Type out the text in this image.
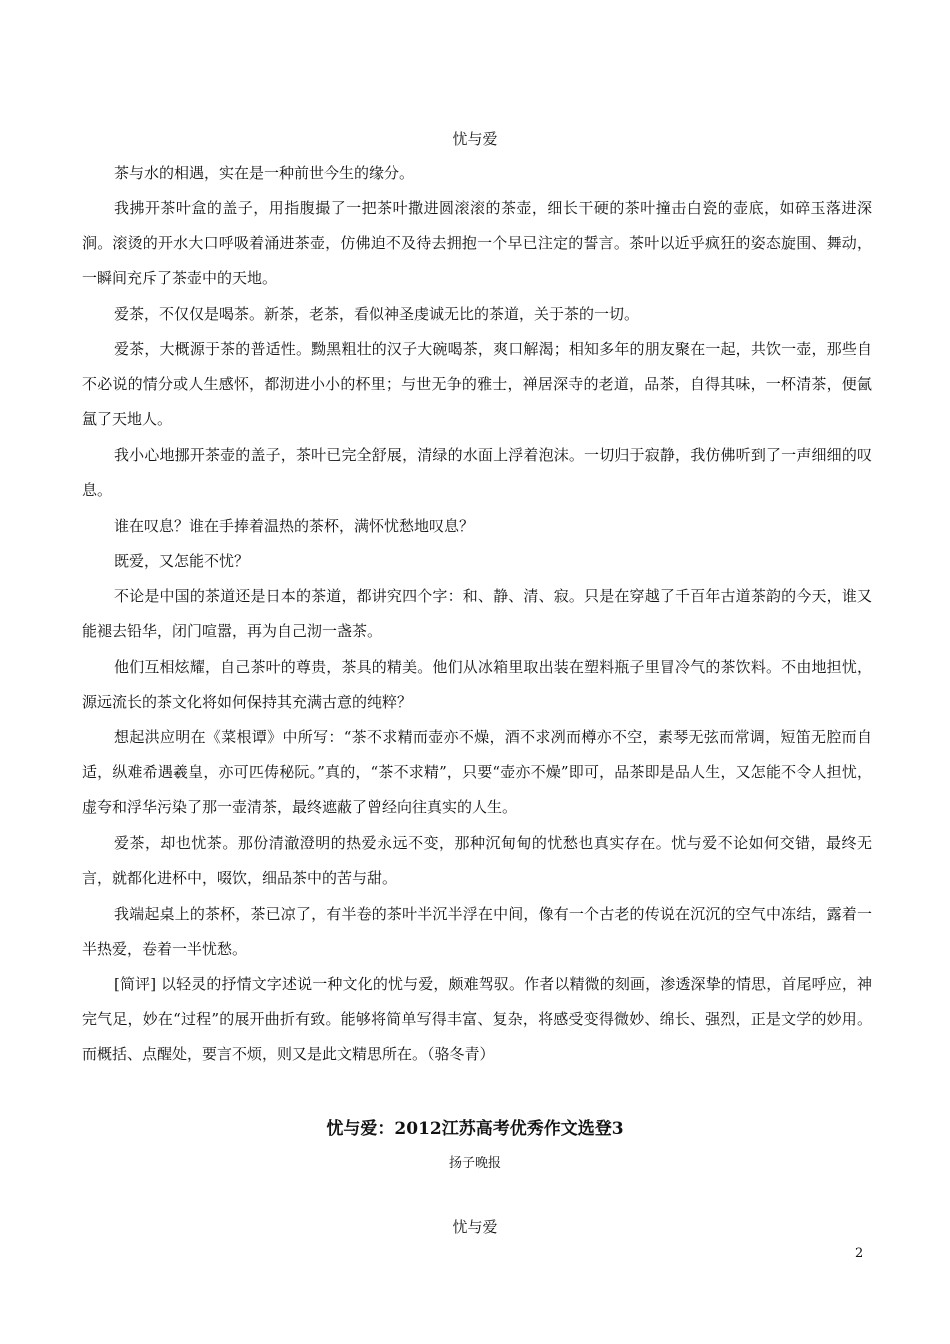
忧与爱
茶与水的相遇，实在是一种前世今生的缘分。
我拂开茶叶盒的盖子，用指腹撮了一把茶叶撒进圆滚滚的茶壶，细长干硬的茶叶撞击白瓷的壶底，如碎玉落进深涧。滚烫的开水大口呼吸着涌进茶壶，仿佛迫不及待去拥抱一个早已注定的誓言。茶叶以近乎疯狂的姿态旋围、舞动，一瞬间充斥了茶壶中的天地。
爱茶，不仅仅是喝茶。新茶，老茶，看似神圣虔诚无比的茶道，关于茶的一切。
爱茶，大概源于茶的普适性。黝黑粗壮的汉子大碗喝茶，爽口解渴；相知多年的朋友聚在一起，共饮一壶，那些自不必说的情分或人生感怀，都沏进小小的杯里；与世无争的雅士，禅居深寺的老道，品茶，自得其味，一杯清茶，便氤氲了天地人。
我小心地挪开茶壶的盖子，茶叶已完全舒展，清绿的水面上浮着泡沫。一切归于寂静，我仿佛听到了一声细细的叹息。
谁在叹息？谁在手捧着温热的茶杯，满怀忧愁地叹息？
既爱，又怎能不忧？
不论是中国的茶道还是日本的茶道，都讲究四个字：和、静、清、寂。只是在穿越了千百年古道茶韵的今天，谁又能褪去铅华，闭门喧嚣，再为自己沏一盏茶。
他们互相炫耀，自己茶叶的尊贵，茶具的精美。他们从冰箱里取出装在塑料瓶子里冒冷气的茶饮料。不由地担忧，源远流长的茶文化将如何保持其充满古意的纯粹？
想起洪应明在《菜根谭》中所写：“茶不求精而壶亦不燥，酒不求冽而樽亦不空，素琴无弦而常调，短笛无腔而自适，纵难希遇羲皇，亦可匹俦秘阮。”真的，“茶不求精”，只要“壶亦不燥”即可，品茶即是品人生，又怎能不令人担忧，虚夸和浮华污染了那一壶清茶，最终遮蔽了曾经向往真实的人生。
爱茶，却也忧茶。那份清澈澄明的热爱永远不变，那种沉甸甸的忧愁也真实存在。忧与爱不论如何交错，最终无言，就都化进杯中，啜饮，细品茶中的苦与甜。
我端起桌上的茶杯，茶已凉了，有半卷的茶叶半沉半浮在中间，像有一个古老的传说在沉沉的空气中冻结，露着一半热爱，卷着一半忧愁。
[简评] 以轻灵的抒情文字述说一种文化的忧与爱，颇难驾驭。作者以精微的刻画，渗透深挚的情思，首尾呼应，神完气足，妙在“过程”的展开曲折有致。能够将简单写得丰富、复杂，将感受变得微妙、绵长、强烈，正是文学的妙用。而概括、点醒处，要言不烦，则又是此文精思所在。（骆冬青）
忧与爱：2012江苏高考优秀作文选登3
扬子晚报
忧与爱
2
